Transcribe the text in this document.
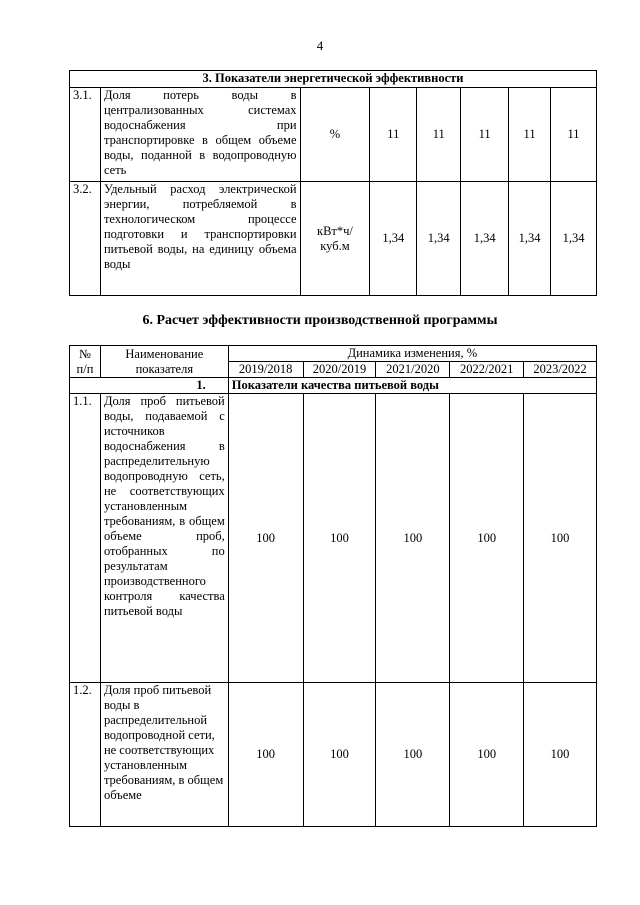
4
3. Показатели энергетической эффективности							
3.1.	Доля потерь воды в централизованных системах водоснабжения при транспортировке в общем объеме воды, поданной в водопроводную сеть	%	11	11	11	11	11
3.2.	Удельный расход электрической энергии, потребляемой в технологическом процессе подготовки и транспортировки питьевой воды, на единицу объема воды	кВт*ч/ куб.м	1,34	1,34	1,34	1,34	1,34
6. Расчет эффективности производственной программы
№ п/п	Наименование показателя	Динамика изменения, %				
		2019/2018	2020/2019	2021/2020	2022/2021	2023/2022
1.		Показатели качества питьевой воды				
1.1.	Доля проб питьевой воды, подаваемой с источников водоснабжения в распределительную водопроводную сеть, не соответствующих установленным требованиям, в общем объеме проб, отобранных по результатам производственного контроля качества питьевой воды	100	100	100	100	100
1.2.	Доля проб питьевой воды в распределительной водопроводной сети, не соответствующих установленным требованиям, в общем объеме	100	100	100	100	100
